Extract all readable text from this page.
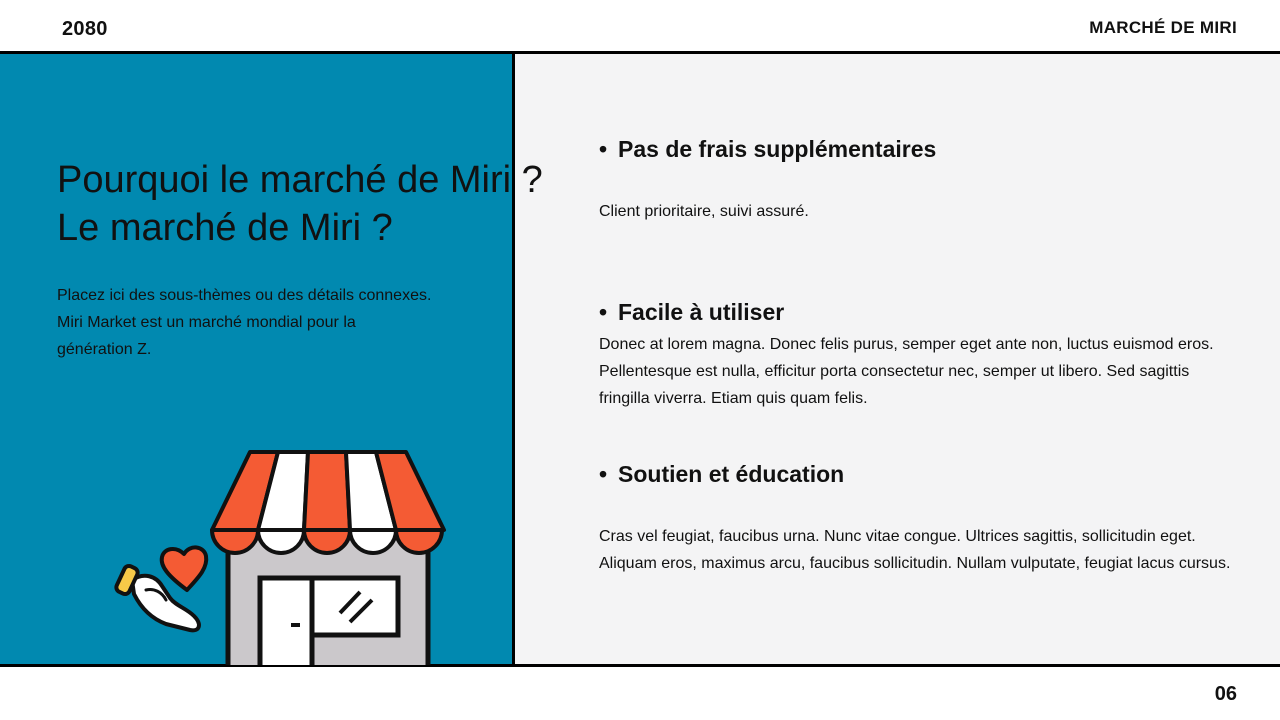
2080	MARCHÉ DE MIRI
Pourquoi le marché de Miri ?
Le marché de Miri ?
Placez ici des sous-thèmes ou des détails connexes.
Miri Market est un marché mondial pour la
génération Z.
• Pas de frais supplémentaires

Client prioritaire, suivi assuré.

• Facile à utiliser

Donec at lorem magna. Donec felis purus, semper eget ante non, luctus euismod eros. Pellentesque est nulla, efficitur porta consectetur nec, semper ut libero. Sed sagittis fringilla viverra. Etiam quis quam felis.

• Soutien et éducation

Cras vel feugiat, faucibus urna. Nunc vitae congue. Ultrices sagittis, sollicitudin eget. Aliquam eros, maximus arcu, faucibus sollicitudin. Nullam vulputate, feugiat lacus cursus.

06
